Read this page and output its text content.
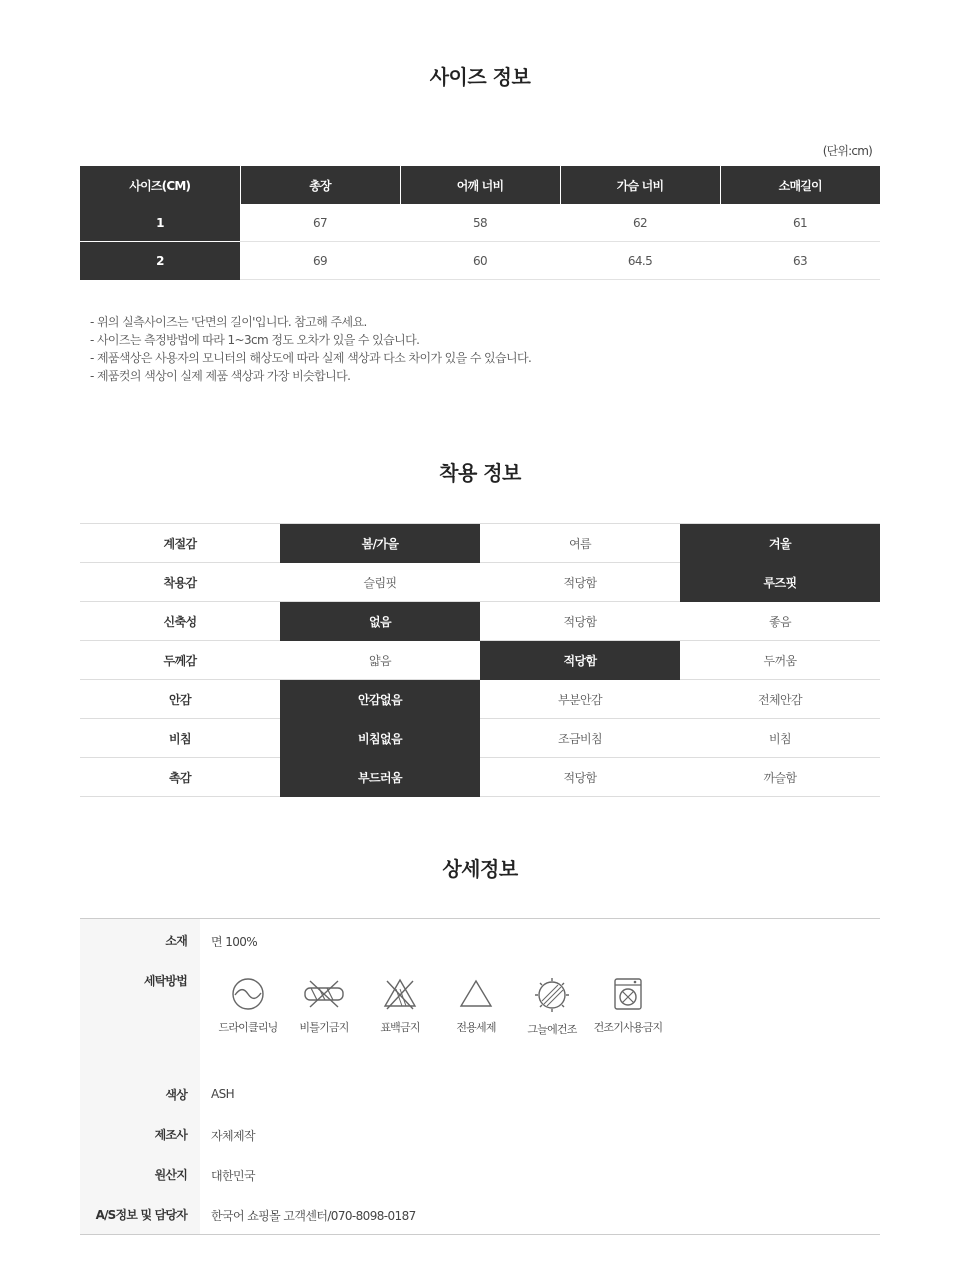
사이즈 정보
(단위:cm)
사이즈(CM)	총장	어깨 너비	가슴 너비	소매길이
1	67	58	62	61
2	69	60	64.5	63
- 위의 실측사이즈는 '단면의 길이'입니다. 참고해 주세요.
- 사이즈는 측정방법에 따라 1~3cm 정도 오차가 있을 수 있습니다.
- 제품색상은 사용자의 모니터의 해상도에 따라 실제 색상과 다소 차이가 있을 수 있습니다.
- 제품컷의 색상이 실제 제품 색상과 가장 비슷합니다.
착용 정보
계절감	봄/가을	여름	겨울
착용감	슬림핏	적당함	루즈핏
신축성	없음	적당함	좋음
두께감	얇음	적당함	두꺼움
안감	안감없음	부분안감	전체안감
비침	비침없음	조금비침	비침
촉감	부드러움	적당함	까슬함
상세정보
소재 면 100%
세탁방법
드라이클리닝	비틀기금지	표백금지	전용세제	그늘에건조	건조기사용금지
색상 ASH
제조사 자체제작
원산지 대한민국
A/S정보 및 담당자 한국어 쇼핑몰 고객센터/070-8098-0187
